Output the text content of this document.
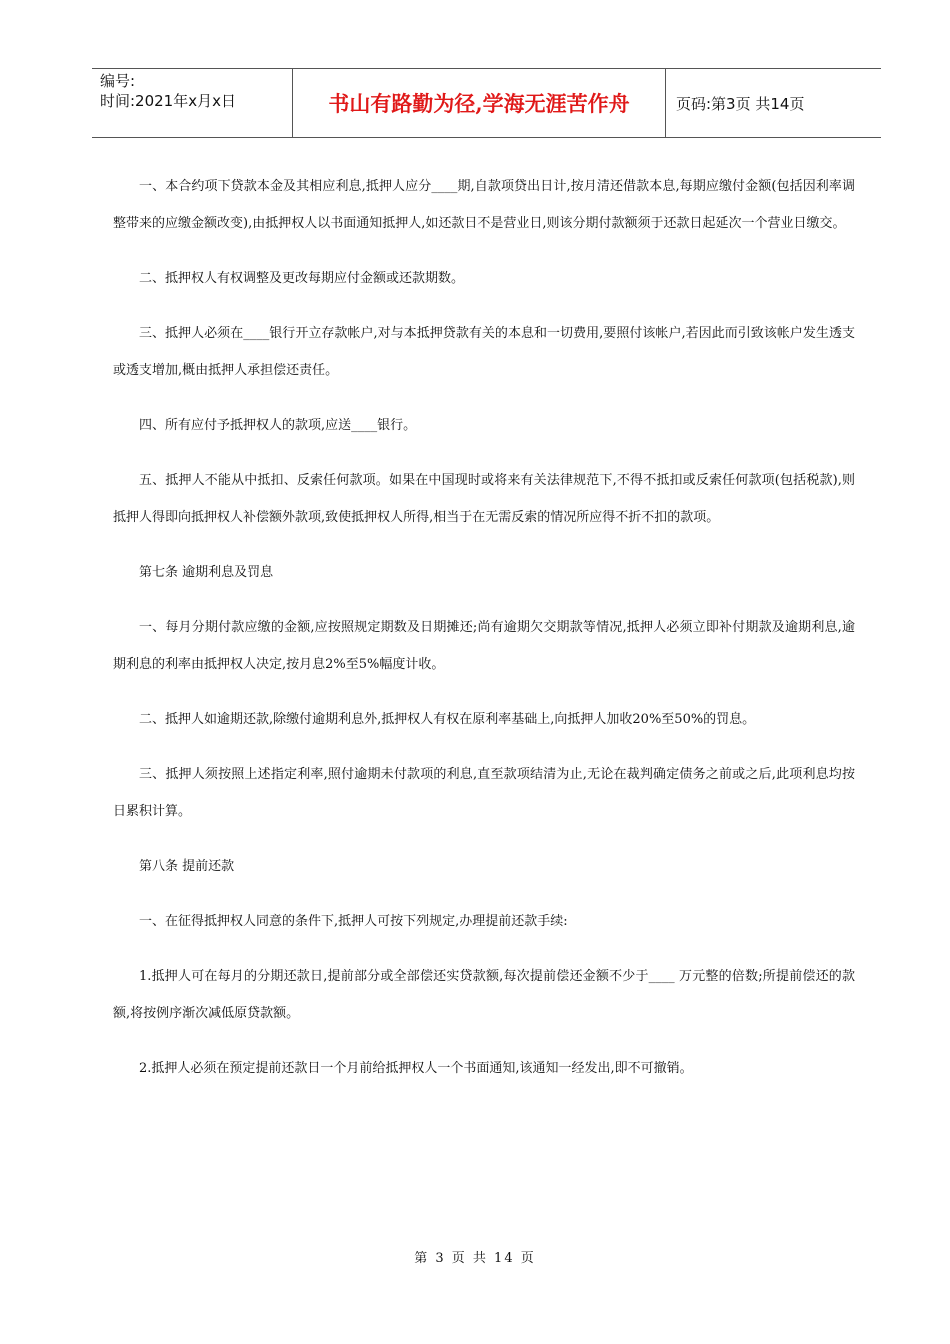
编号:
时间:2021年x月x日	书山有路勤为径,学海无涯苦作舟	页码:第3页 共14页

一、本合约项下贷款本金及其相应利息,抵押人应分____期,自款项贷出日计,按月清还借款本息,每期应缴付金额(包括因利率调整带来的应缴金额改变),由抵押权人以书面通知抵押人,如还款日不是营业日,则该分期付款额须于还款日起延次一个营业日缴交。

二、抵押权人有权调整及更改每期应付金额或还款期数。

三、抵押人必须在____银行开立存款帐户,对与本抵押贷款有关的本息和一切费用,要照付该帐户,若因此而引致该帐户发生透支或透支增加,概由抵押人承担偿还责任。

四、所有应付予抵押权人的款项,应送____银行。

五、抵押人不能从中抵扣、反索任何款项。如果在中国现时或将来有关法律规范下,不得不抵扣或反索任何款项(包括税款),则抵押人得即向抵押权人补偿额外款项,致使抵押权人所得,相当于在无需反索的情况所应得不折不扣的款项。

第七条 逾期利息及罚息

一、每月分期付款应缴的金额,应按照规定期数及日期摊还;尚有逾期欠交期款等情况,抵押人必须立即补付期款及逾期利息,逾期利息的利率由抵押权人决定,按月息2%至5%幅度计收。

二、抵押人如逾期还款,除缴付逾期利息外,抵押权人有权在原利率基础上,向抵押人加收20%至50%的罚息。

三、抵押人须按照上述指定利率,照付逾期未付款项的利息,直至款项结清为止,无论在裁判确定债务之前或之后,此项利息均按日累积计算。

第八条 提前还款

一、在征得抵押权人同意的条件下,抵押人可按下列规定,办理提前还款手续:

1.抵押人可在每月的分期还款日,提前部分或全部偿还实贷款额,每次提前偿还金额不少于____ 万元整的倍数;所提前偿还的款额,将按例序渐次减低原贷款额。

2.抵押人必须在预定提前还款日一个月前给抵押权人一个书面通知,该通知一经发出,即不可撤销。

第 3 页 共 14 页
